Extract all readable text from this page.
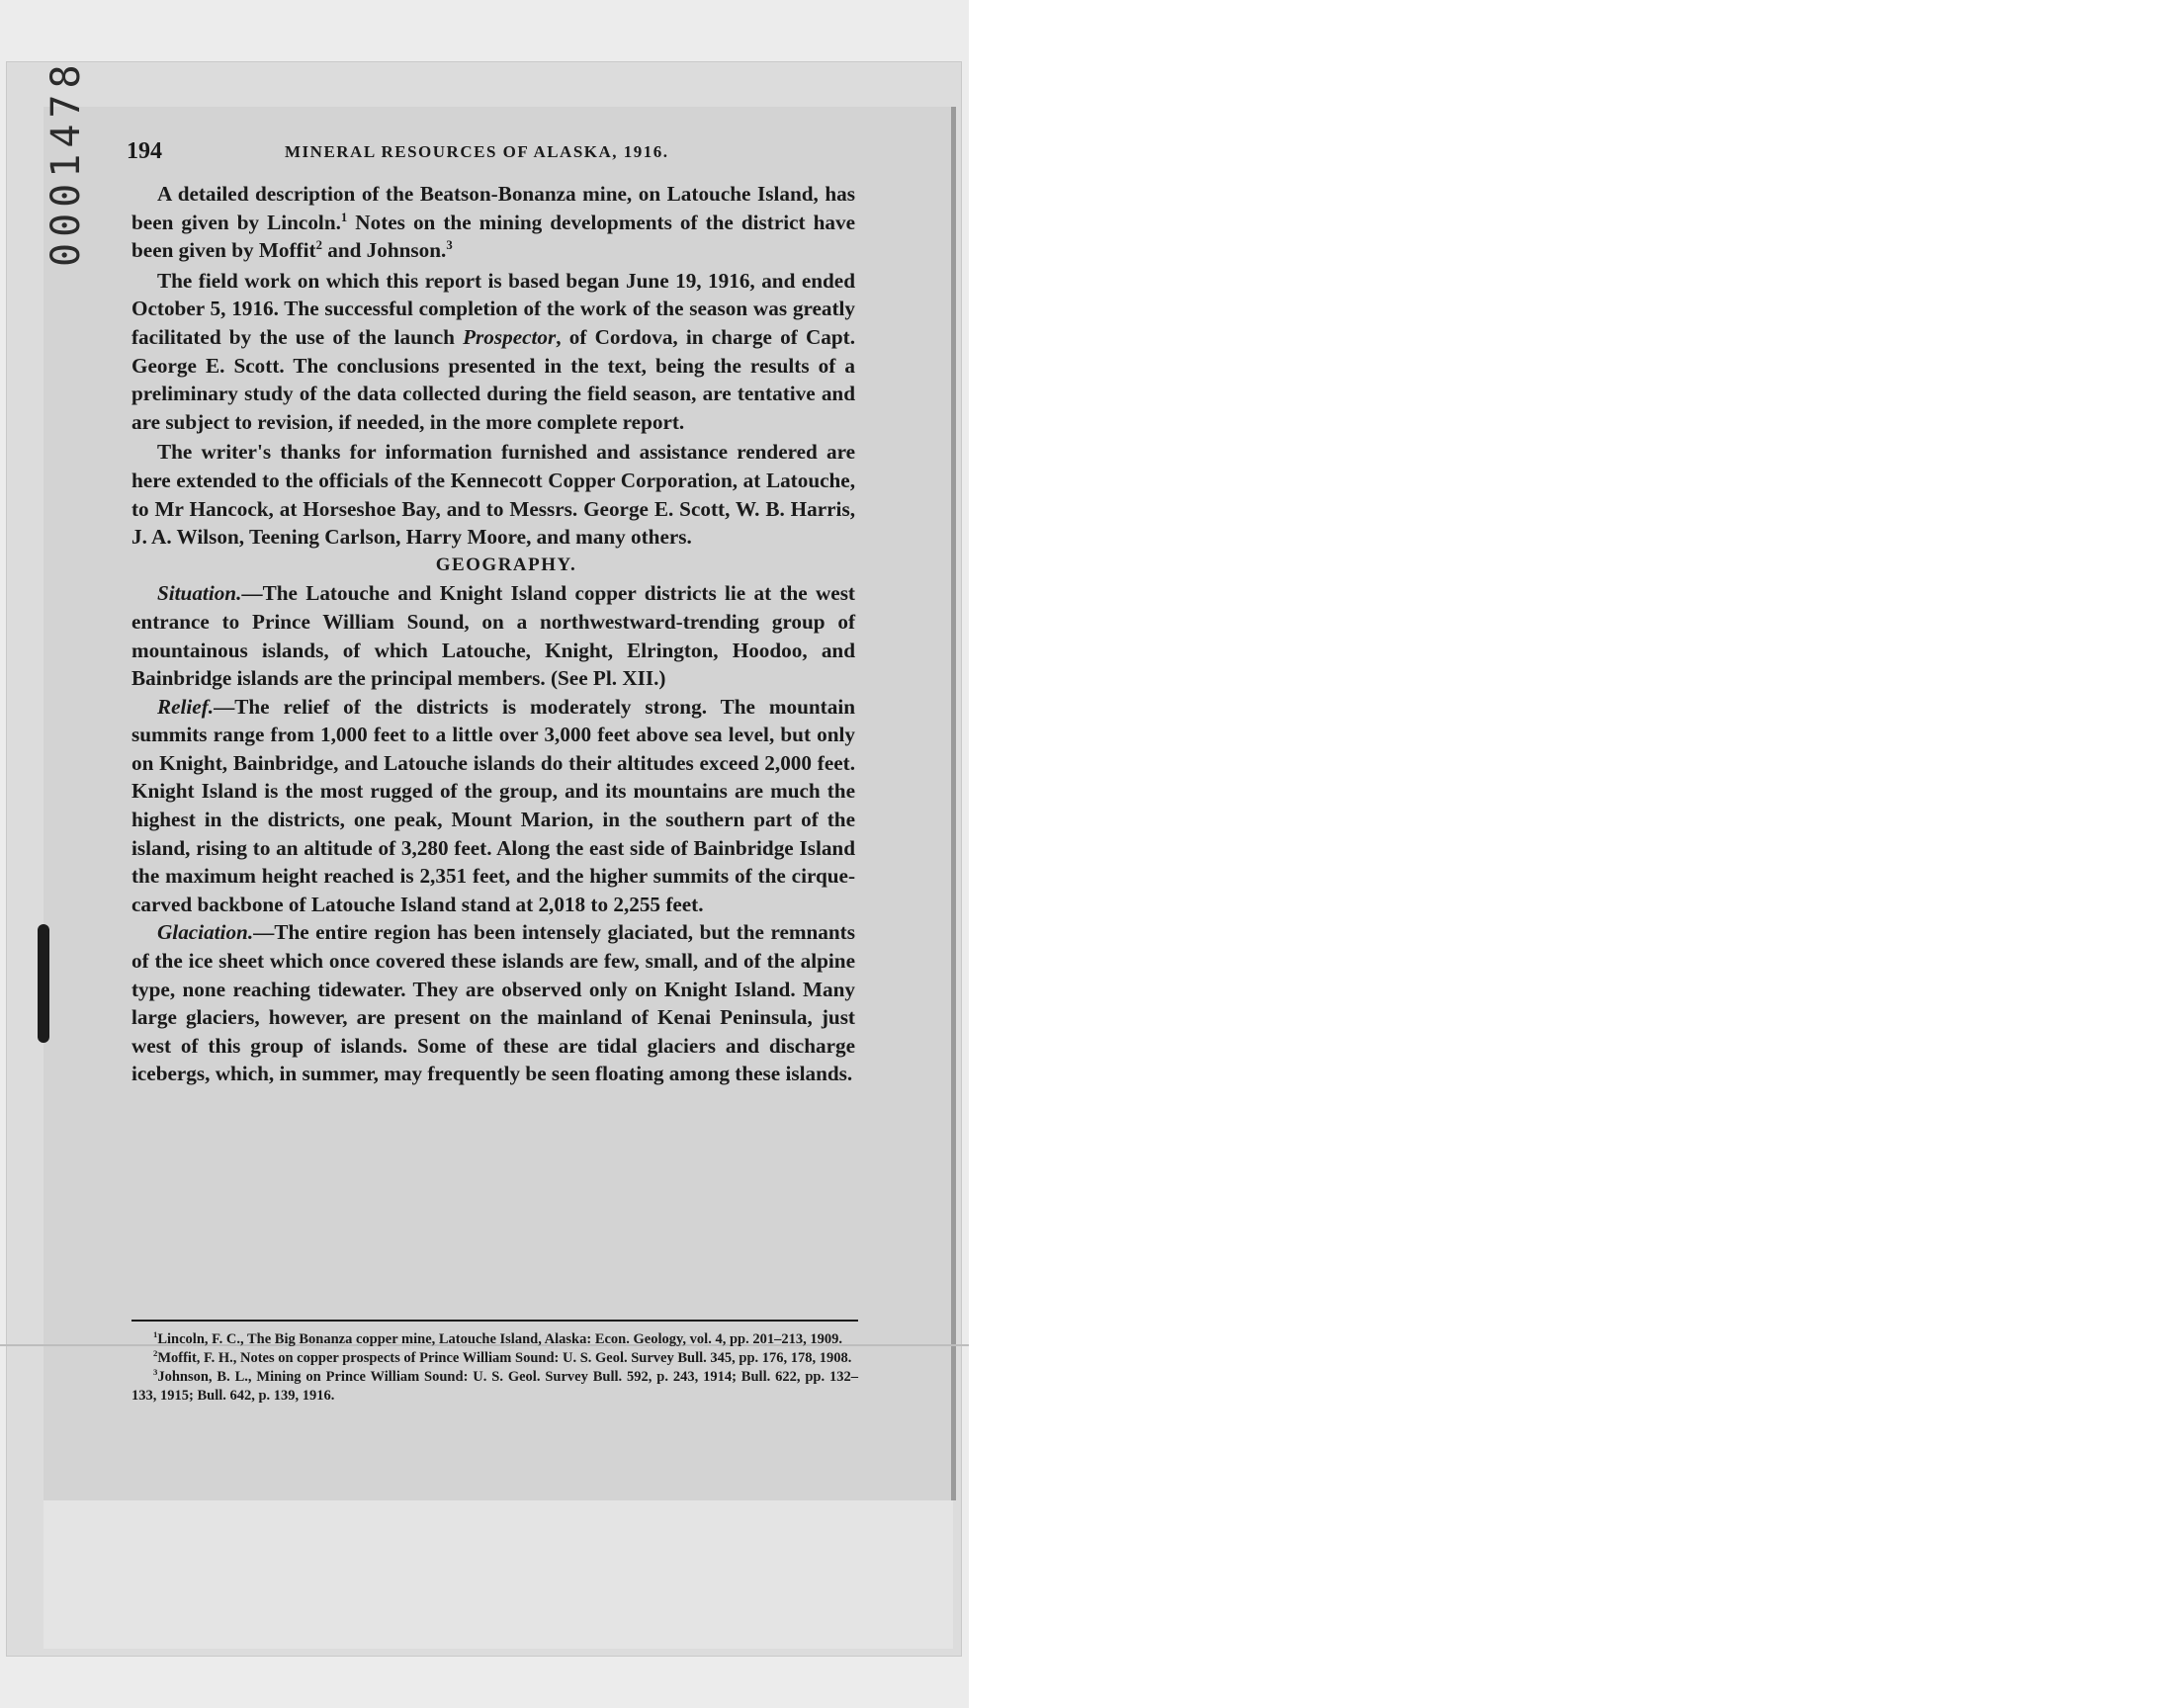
194	MINERAL RESOURCES OF ALASKA, 1916.

A detailed description of the Beatson-Bonanza mine, on Latouche Island, has been given by Lincoln.$^1$ Notes on the mining developments of the district have been given by Moffit$^2$ and Johnson.$^3$

The field work on which this report is based began June 19, 1916, and ended October 5, 1916. The successful completion of the work of the season was greatly facilitated by the use of the launch Prospector, of Cordova, in charge of Capt. George E. Scott. The conclusions presented in the text, being the results of a preliminary study of the data collected during the field season, are tentative and are subject to revision, if needed, in the more complete report.

The writer's thanks for information furnished and assistance rendered are here extended to the officials of the Kennecott Copper Corporation, at Latouche, to Mr Hancock, at Horseshoe Bay, and to Messrs. George E. Scott, W. B. Harris, J. A. Wilson, Teening Carlson, Harry Moore, and many others.

GEOGRAPHY.

Situation.—The Latouche and Knight Island copper districts lie at the west entrance to Prince William Sound, on a northwestward-trending group of mountainous islands, of which Latouche, Knight, Elrington, Hoodoo, and Bainbridge islands are the principal members. (See Pl. XII.)

Relief.—The relief of the districts is moderately strong. The mountain summits range from 1,000 feet to a little over 3,000 feet above sea level, but only on Knight, Bainbridge, and Latouche islands do their altitudes exceed 2,000 feet. Knight Island is the most rugged of the group, and its mountains are much the highest in the districts, one peak, Mount Marion, in the southern part of the island, rising to an altitude of 3,280 feet. Along the east side of Bainbridge Island the maximum height reached is 2,351 feet, and the higher summits of the cirque-carved backbone of Latouche Island stand at 2,018 to 2,255 feet.

Glaciation.—The entire region has been intensely glaciated, but the remnants of the ice sheet which once covered these islands are few, small, and of the alpine type, none reaching tidewater. They are observed only on Knight Island. Many large glaciers, however, are present on the mainland of Kenai Peninsula, just west of this group of islands. Some of these are tidal glaciers and discharge icebergs, which, in summer, may frequently be seen floating among these islands.

$^1$Lincoln, F. C., The Big Bonanza copper mine, Latouche Island, Alaska: Econ. Geology, vol. 4, pp. 201–213, 1909.

$^2$Moffit, F. H., Notes on copper prospects of Prince William Sound: U. S. Geol. Survey Bull. 345, pp. 176, 178, 1908.

$^3$Johnson, B. L., Mining on Prince William Sound: U. S. Geol. Survey Bull. 592, p. 243, 1914; Bull. 622, pp. 132–133, 1915; Bull. 642, p. 139, 1916.
